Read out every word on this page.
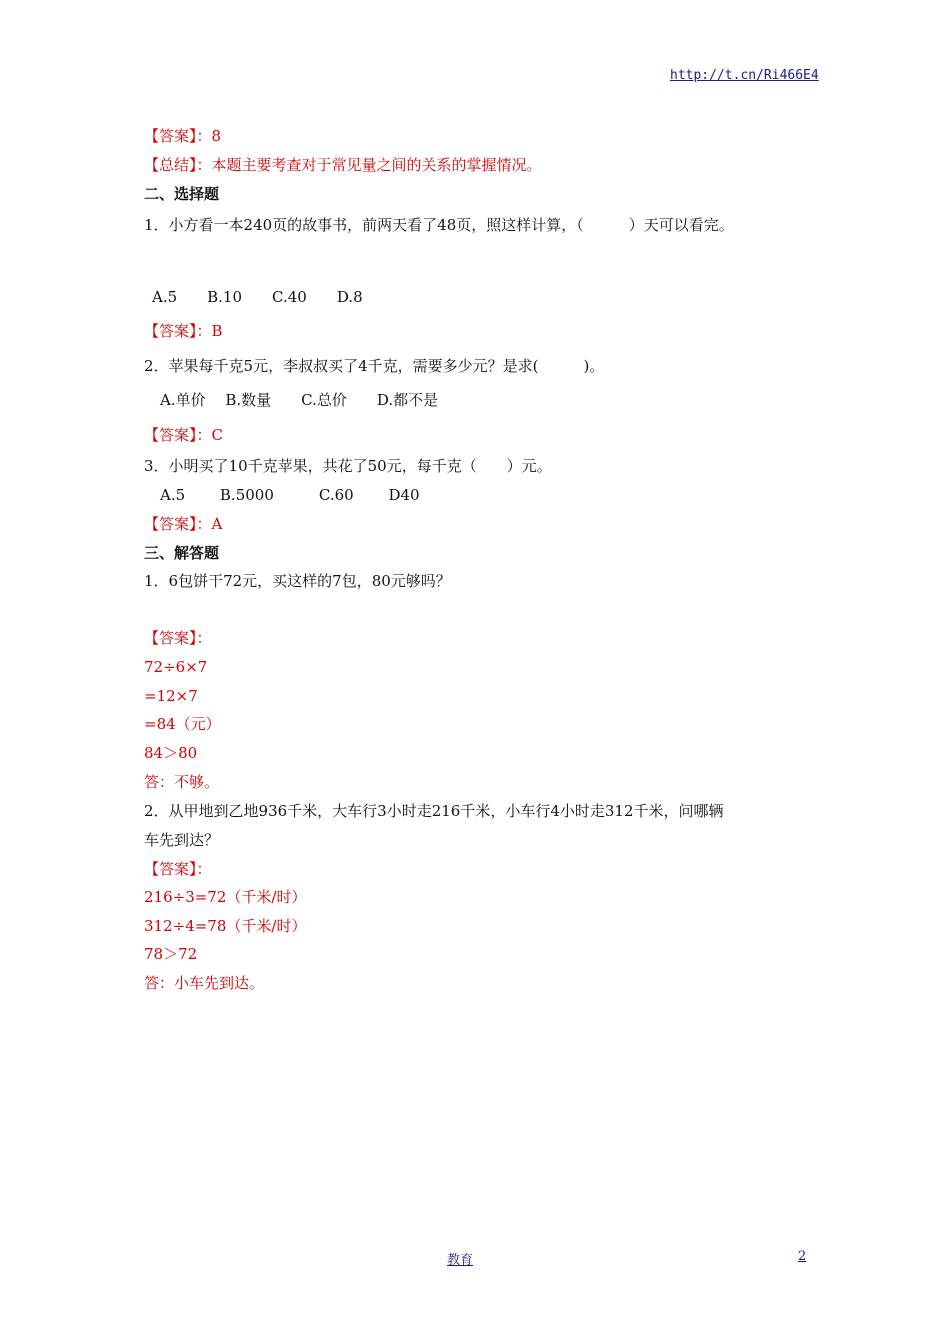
http://t.cn/Ri466E4
【答案】：8
【总结】：本题主要考查对于常见量之间的关系的掌握情况。
二、选择题
1．小方看一本240页的故事书，前两天看了48页，照这样计算，（　　　）天可以看完。
A.5　　B.10　　C.40　　D.8
【答案】：B
2．苹果每千克5元，李叔叔买了4千克，需要多少元？是求(　　　)。
A.单价　 B.数量　　C.总价　　D.都不是
【答案】：C
3．小明买了10千克苹果，共花了50元，每千克（　　）元。
A.5　　 B.5000　　　C.60　　 D40
【答案】：A
三、解答题
1．6包饼干72元，买这样的7包，80元够吗？
【答案】：
72÷6×7
=12×7
=84（元）
84＞80
答：不够。
2．从甲地到乙地936千米，大车行3小时走216千米，小车行4小时走312千米，问哪辆
车先到达？
【答案】：
216÷3=72（千米/时）
312÷4=78（千米/时）
78＞72
答：小车先到达。
教育	2
